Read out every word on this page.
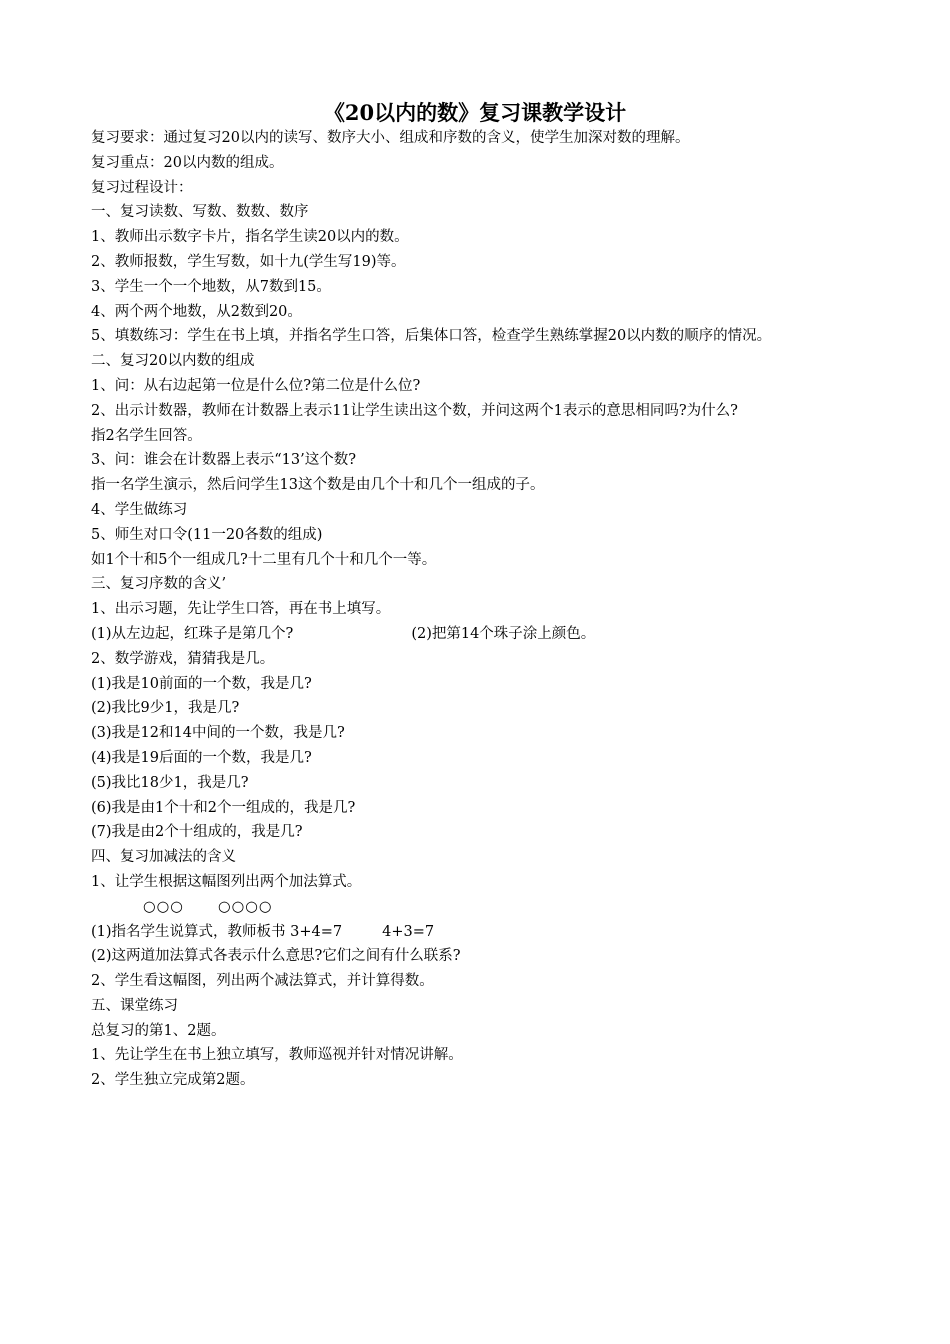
《20以内的数》复习课教学设计
复习要求：通过复习20以内的读写、数序大小、组成和序数的含义，使学生加深对数的理解。
复习重点：20以内数的组成。
复习过程设计：
一、复习读数、写数、数数、数序
1、教师出示数字卡片，指名学生读20以内的数。
2、教师报数，学生写数，如十九(学生写19)等。
3、学生一个一个地数，从7数到15。
4、两个两个地数，从2数到20。
5、填数练习：学生在书上填，并指名学生口答，后集体口答，检查学生熟练掌握20以内数的顺序的情况。
二、复习20以内数的组成
1、问：从右边起第一位是什么位?第二位是什么位?
2、出示计数器，教师在计数器上表示11让学生读出这个数，并问这两个1表示的意思相同吗?为什么?
指2名学生回答。
3、问：谁会在计数器上表示“13’这个数?
指一名学生演示，然后问学生13这个数是由几个十和几个一组成的子。
4、学生做练习
5、师生对口令(11一20各数的组成)
如1个十和5个一组成几?十二里有几个十和几个一等。
三、复习序数的含义’
1、出示习题，先让学生口答，再在书上填写。
(1)从左边起，红珠子是第几个?	(2)把第14个珠子涂上颜色。
2、数学游戏，猜猜我是几。
(1)我是10前面的一个数，我是几?
(2)我比9少1，我是几?
(3)我是12和14中间的一个数，我是几?
(4)我是19后面的一个数，我是几?
(5)我比18少1，我是几?
(6)我是由1个十和2个一组成的，我是几?
(7)我是由2个十组成的，我是几?
四、复习加减法的含义
1、让学生根据这幅图列出两个加法算式。
○○○ ○○○○
(1)指名学生说算式，教师板书 3+4=7	4+3=7
(2)这两道加法算式各表示什么意思?它们之间有什么联系?
2、学生看这幅图，列出两个减法算式，并计算得数。
五、课堂练习
总复习的第1、2题。
1、先让学生在书上独立填写，教师巡视并针对情况讲解。
2、学生独立完成第2题。
